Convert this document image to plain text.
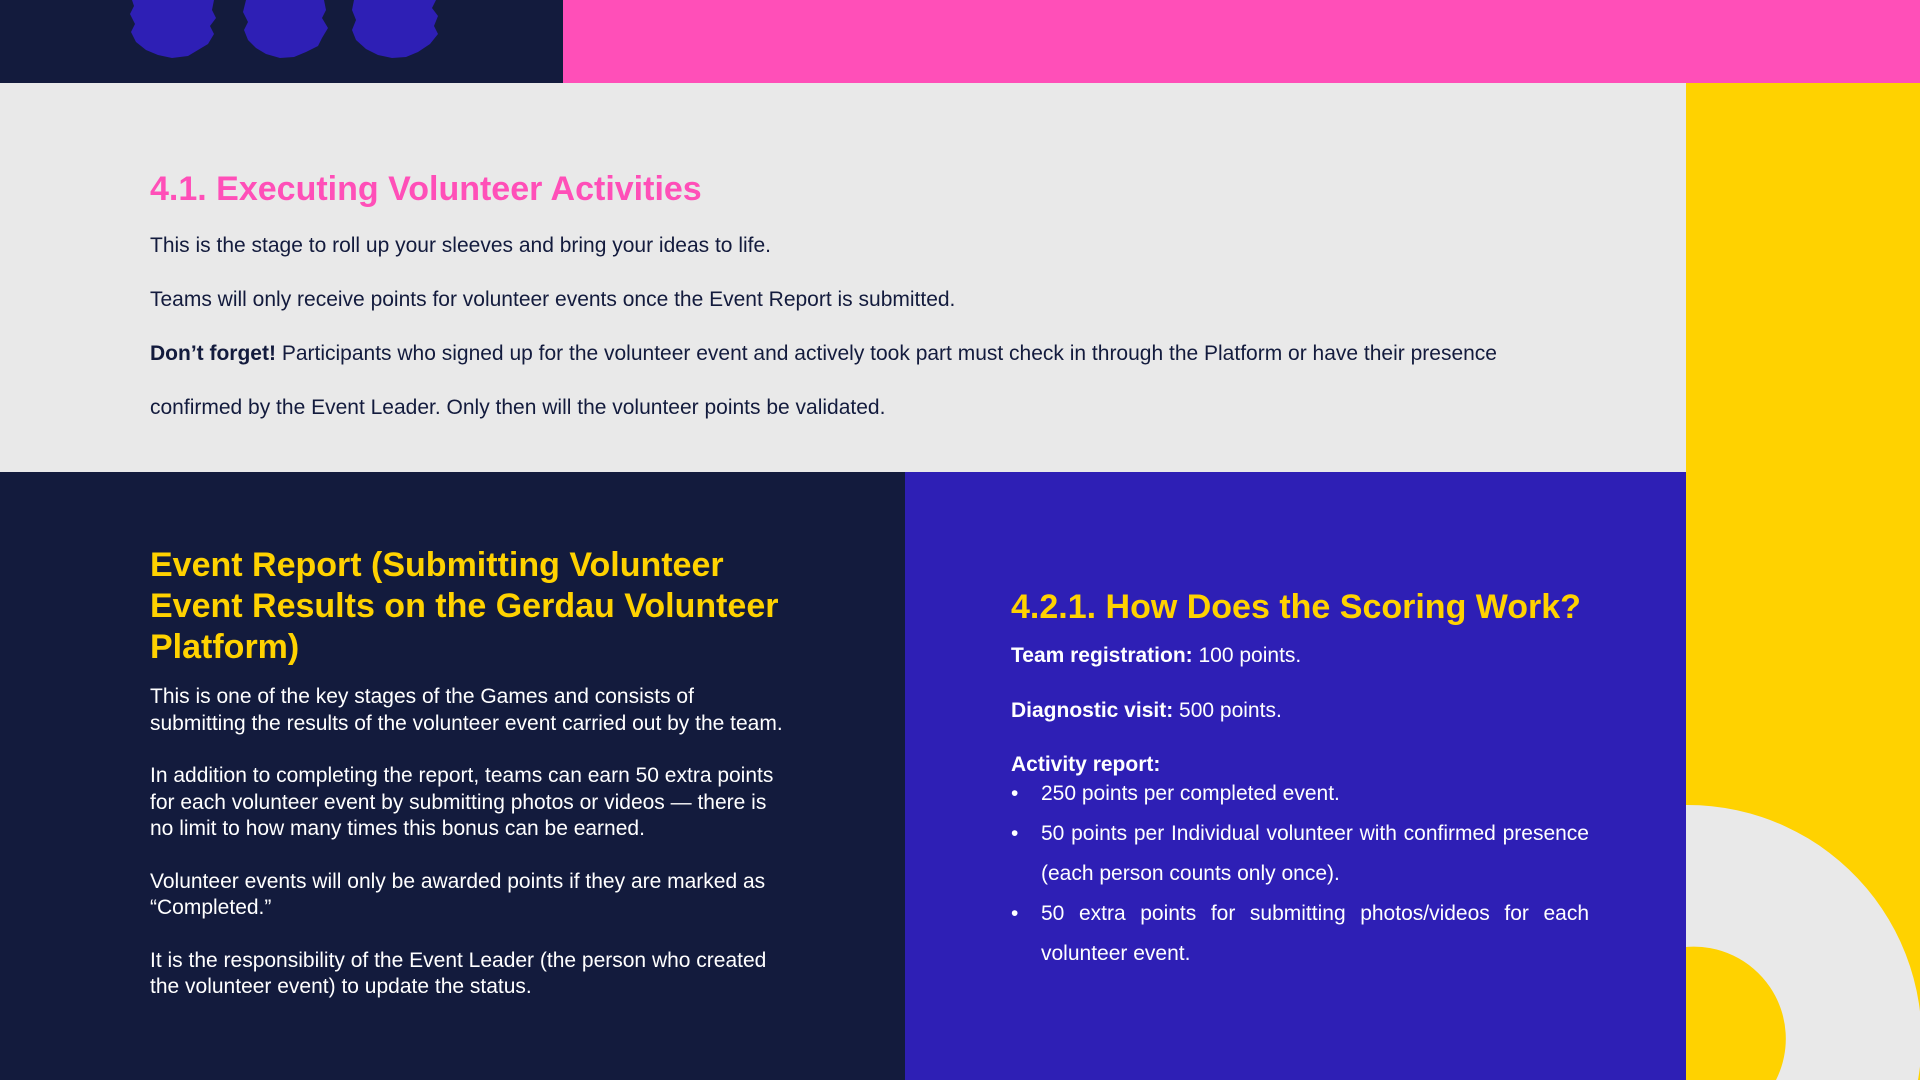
4.1. Executing Volunteer Activities

This is the stage to roll up your sleeves and bring your ideas to life.

Teams will only receive points for volunteer events once the Event Report is submitted.

Don’t forget! Participants who signed up for the volunteer event and actively took part must check in through the Platform or have their presence

confirmed by the Event Leader. Only then will the volunteer points be validated.

Event Report (Submitting Volunteer Event Results on the Gerdau Volunteer Platform)

This is one of the key stages of the Games and consists of submitting the results of the volunteer event carried out by the team.

In addition to completing the report, teams can earn 50 extra points for each volunteer event by submitting photos or videos — there is no limit to how many times this bonus can be earned.

Volunteer events will only be awarded points if they are marked as “Completed.”

It is the responsibility of the Event Leader (the person who created the volunteer event) to update the status.

4.2.1. How Does the Scoring Work?

Team registration: 100 points.

Diagnostic visit: 500 points.

Activity report:

• 250 points per completed event.
• 50 points per Individual volunteer with confirmed presence (each person counts only once).
• 50 extra points for submitting photos/videos for each volunteer event.
